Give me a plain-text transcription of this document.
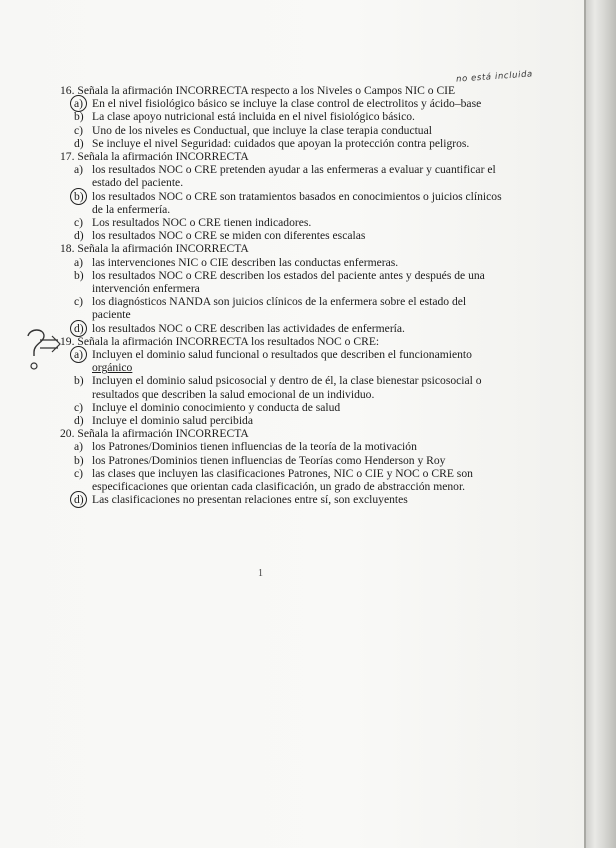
no está incluida
1
16. Señala la afirmación INCORRECTA respecto a los Niveles o Campos NIC o CIE
a) En el nivel fisiológico básico se incluye la clase control de electrolitos y ácido–base
b) La clase apoyo nutricional está incluida en el nivel fisiológico básico.
c) Uno de los niveles es Conductual, que incluye la clase terapia conductual
d) Se incluye el nivel Seguridad: cuidados que apoyan la protección contra peligros.
17. Señala la afirmación INCORRECTA
a) los resultados NOC o CRE pretenden ayudar a las enfermeras a evaluar y cuantificar el
estado del paciente.
b) los resultados NOC o CRE son tratamientos basados en conocimientos o juicios clínicos
de la enfermería.
c) Los resultados NOC o CRE tienen indicadores.
d) los resultados NOC o CRE se miden con diferentes escalas
18. Señala la afirmación INCORRECTA
a) las intervenciones NIC o CIE describen las conductas enfermeras.
b) los resultados NOC o CRE describen los estados del paciente antes y después de una
intervención enfermera
c) los diagnósticos NANDA son juicios clínicos de la enfermera sobre el estado del
paciente
d) los resultados NOC o CRE describen las actividades de enfermería.
19. Señala la afirmación INCORRECTA los resultados NOC o CRE:
a) Incluyen el dominio salud funcional o resultados que describen el funcionamiento
orgánico
b) Incluyen el dominio salud psicosocial y dentro de él, la clase bienestar psicosocial o
resultados que describen la salud emocional de un individuo.
c) Incluye el dominio conocimiento y conducta de salud
d) Incluye el dominio salud percibida
20. Señala la afirmación INCORRECTA
a) los Patrones/Dominios tienen influencias de la teoría de la motivación
b) los Patrones/Dominios tienen influencias de Teorías como Henderson y Roy
c) las clases que incluyen las clasificaciones Patrones, NIC o CIE y NOC o CRE son
especificaciones que orientan cada clasificación, un grado de abstracción menor.
d) Las clasificaciones no presentan relaciones entre sí, son excluyentes
